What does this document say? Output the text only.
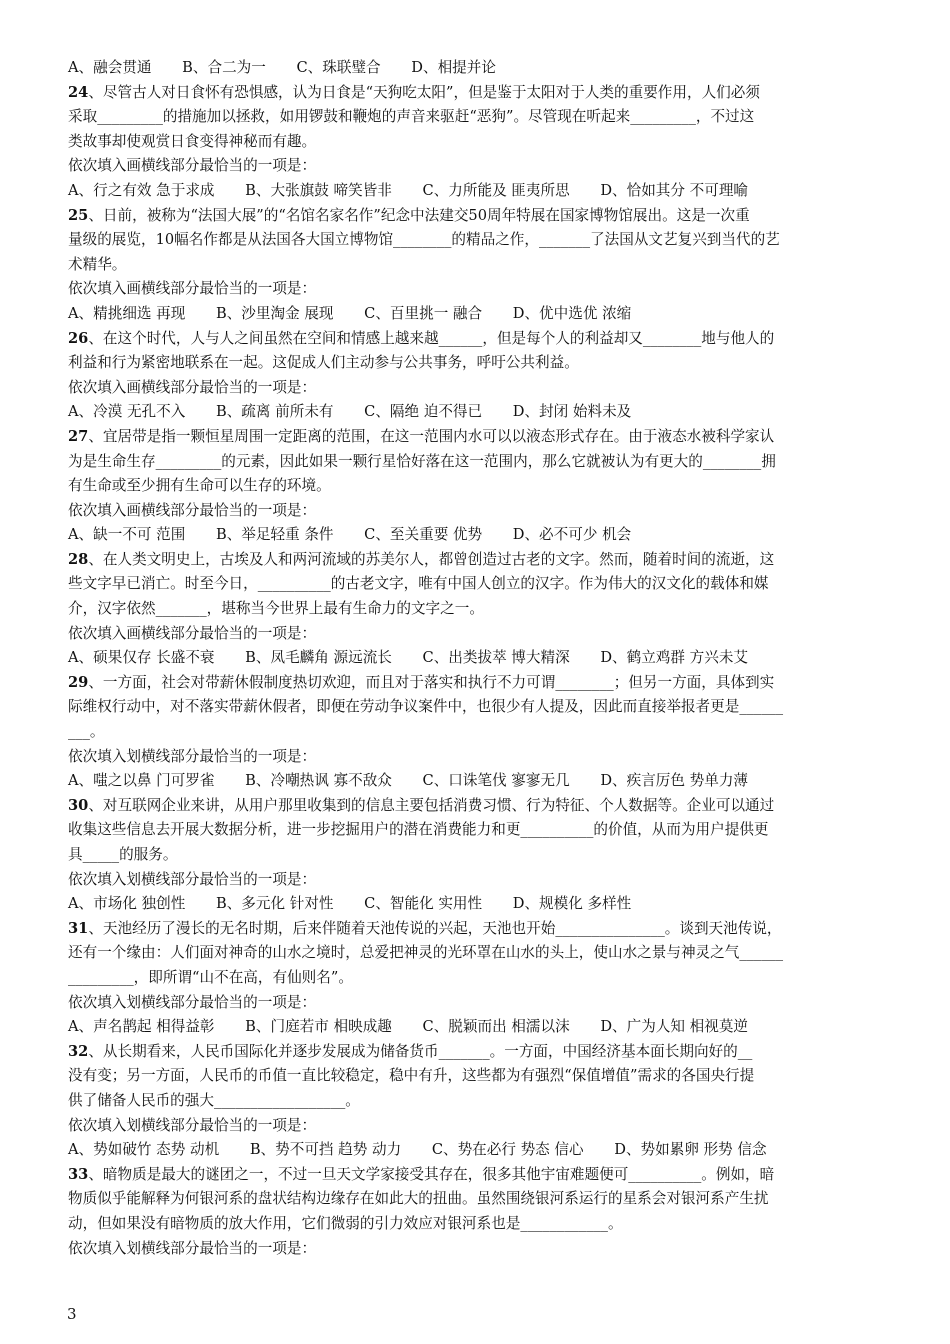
A、融会贯通 B、合二为一 C、珠联璧合 D、相提并论
24、尽管古人对日食怀有恐惧感，认为日食是“天狗吃太阳”，但是鉴于太阳对于人类的重要作用，人们必须
采取_________的措施加以拯救，如用锣鼓和鞭炮的声音来驱赶“恶狗”。尽管现在听起来_________，不过这
类故事却使观赏日食变得神秘而有趣。
依次填入画横线部分最恰当的一项是：
A、行之有效 急于求成 B、大张旗鼓 啼笑皆非 C、力所能及 匪夷所思 D、恰如其分 不可理喻
25、日前，被称为“法国大展”的“名馆名家名作”纪念中法建交50周年特展在国家博物馆展出。这是一次重
量级的展览，10幅名作都是从法国各大国立博物馆________的精品之作，_______了法国从文艺复兴到当代的艺
术精华。
依次填入画横线部分最恰当的一项是：
A、精挑细选 再现 B、沙里淘金 展现 C、百里挑一 融合 D、优中选优 浓缩
26、在这个时代，人与人之间虽然在空间和情感上越来越______，但是每个人的利益却又________地与他人的
利益和行为紧密地联系在一起。这促成人们主动参与公共事务，呼吁公共利益。
依次填入画横线部分最恰当的一项是：
A、冷漠 无孔不入 B、疏离 前所未有 C、隔绝 迫不得已 D、封闭 始料未及
27、宜居带是指一颗恒星周围一定距离的范围，在这一范围内水可以以液态形式存在。由于液态水被科学家认
为是生命生存_________的元素，因此如果一颗行星恰好落在这一范围内，那么它就被认为有更大的________拥
有生命或至少拥有生命可以生存的环境。
依次填入画横线部分最恰当的一项是：
A、缺一不可 范围 B、举足轻重 条件 C、至关重要 优势 D、必不可少 机会
28、在人类文明史上，古埃及人和两河流域的苏美尔人，都曾创造过古老的文字。然而，随着时间的流逝，这
些文字早已消亡。时至今日，__________的古老文字，唯有中国人创立的汉字。作为伟大的汉文化的载体和媒
介，汉字依然_______，堪称当今世界上最有生命力的文字之一。
依次填入画横线部分最恰当的一项是：
A、硕果仅存 长盛不衰 B、凤毛麟角 源远流长 C、出类拔萃 博大精深 D、鹤立鸡群 方兴未艾
29、一方面，社会对带薪休假制度热切欢迎，而且对于落实和执行不力可谓________；但另一方面，具体到实
际维权行动中，对不落实带薪休假者，即便在劳动争议案件中，也很少有人提及，因此而直接举报者更是______
___。
依次填入划横线部分最恰当的一项是：
A、嗤之以鼻 门可罗雀 B、冷嘲热讽 寡不敌众 C、口诛笔伐 寥寥无几 D、疾言厉色 势单力薄
30、对互联网企业来讲，从用户那里收集到的信息主要包括消费习惯、行为特征、个人数据等。企业可以通过
收集这些信息去开展大数据分析，进一步挖掘用户的潜在消费能力和更__________的价值，从而为用户提供更
具_____的服务。
依次填入划横线部分最恰当的一项是：
A、市场化 独创性 B、多元化 针对性 C、智能化 实用性 D、规模化 多样性
31、天池经历了漫长的无名时期，后来伴随着天池传说的兴起，天池也开始_______________。谈到天池传说，
还有一个缘由：人们面对神奇的山水之境时，总爱把神灵的光环罩在山水的头上，使山水之景与神灵之气______
_________，即所谓“山不在高，有仙则名”。
依次填入划横线部分最恰当的一项是：
A、声名鹊起 相得益彰 B、门庭若市 相映成趣 C、脱颖而出 相濡以沫 D、广为人知 相视莫逆
32、从长期看来，人民币国际化并逐步发展成为储备货币_______。一方面，中国经济基本面长期向好的__
没有变；另一方面，人民币的币值一直比较稳定，稳中有升，这些都为有强烈“保值增值”需求的各国央行提
供了储备人民币的强大__________________。
依次填入划横线部分最恰当的一项是：
A、势如破竹 态势 动机 B、势不可挡 趋势 动力 C、势在必行 势态 信心 D、势如累卵 形势 信念
33、暗物质是最大的谜团之一，不过一旦天文学家接受其存在，很多其他宇宙难题便可__________。例如，暗
物质似乎能解释为何银河系的盘状结构边缘存在如此大的扭曲。虽然围绕银河系运行的星系会对银河系产生扰
动，但如果没有暗物质的放大作用，它们微弱的引力效应对银河系也是____________。
依次填入划横线部分最恰当的一项是：
3
